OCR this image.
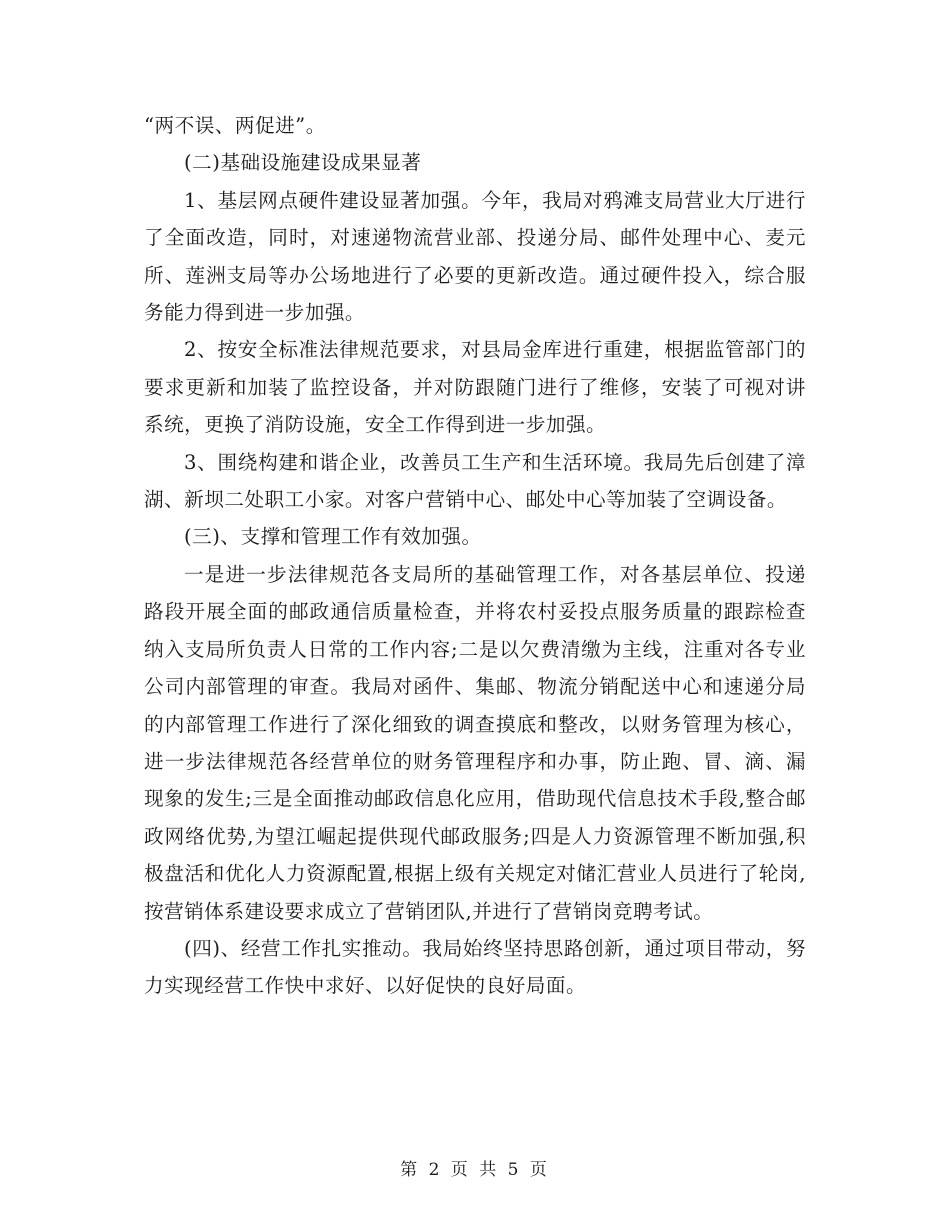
“两不误、两促进”。

(二)基础设施建设成果显著

1、基层网点硬件建设显著加强。今年，我局对鸦滩支局营业大厅进行了全面改造，同时，对速递物流营业部、投递分局、邮件处理中心、麦元所、莲洲支局等办公场地进行了必要的更新改造。通过硬件投入，综合服务能力得到进一步加强。

2、按安全标准法律规范要求，对县局金库进行重建，根据监管部门的要求更新和加装了监控设备，并对防跟随门进行了维修，安装了可视对讲系统，更换了消防设施，安全工作得到进一步加强。

3、围绕构建和谐企业，改善员工生产和生活环境。我局先后创建了漳湖、新坝二处职工小家。对客户营销中心、邮处中心等加装了空调设备。

(三)、支撑和管理工作有效加强。

一是进一步法律规范各支局所的基础管理工作，对各基层单位、投递路段开展全面的邮政通信质量检查，并将农村妥投点服务质量的跟踪检查纳入支局所负责人日常的工作内容;二是以欠费清缴为主线，注重对各专业公司内部管理的审查。我局对函件、集邮、物流分销配送中心和速递分局的内部管理工作进行了深化细致的调查摸底和整改，以财务管理为核心，进一步法律规范各经营单位的财务管理程序和办事，防止跑、冒、滴、漏现象的发生;三是全面推动邮政信息化应用，借助现代信息技术手段,整合邮政网络优势,为望江崛起提供现代邮政服务;四是人力资源管理不断加强,积极盘活和优化人力资源配置,根据上级有关规定对储汇营业人员进行了轮岗,按营销体系建设要求成立了营销团队,并进行了营销岗竞聘考试。

(四)、经营工作扎实推动。我局始终坚持思路创新，通过项目带动，努力实现经营工作快中求好、以好促快的良好局面。

第 2 页 共 5 页
